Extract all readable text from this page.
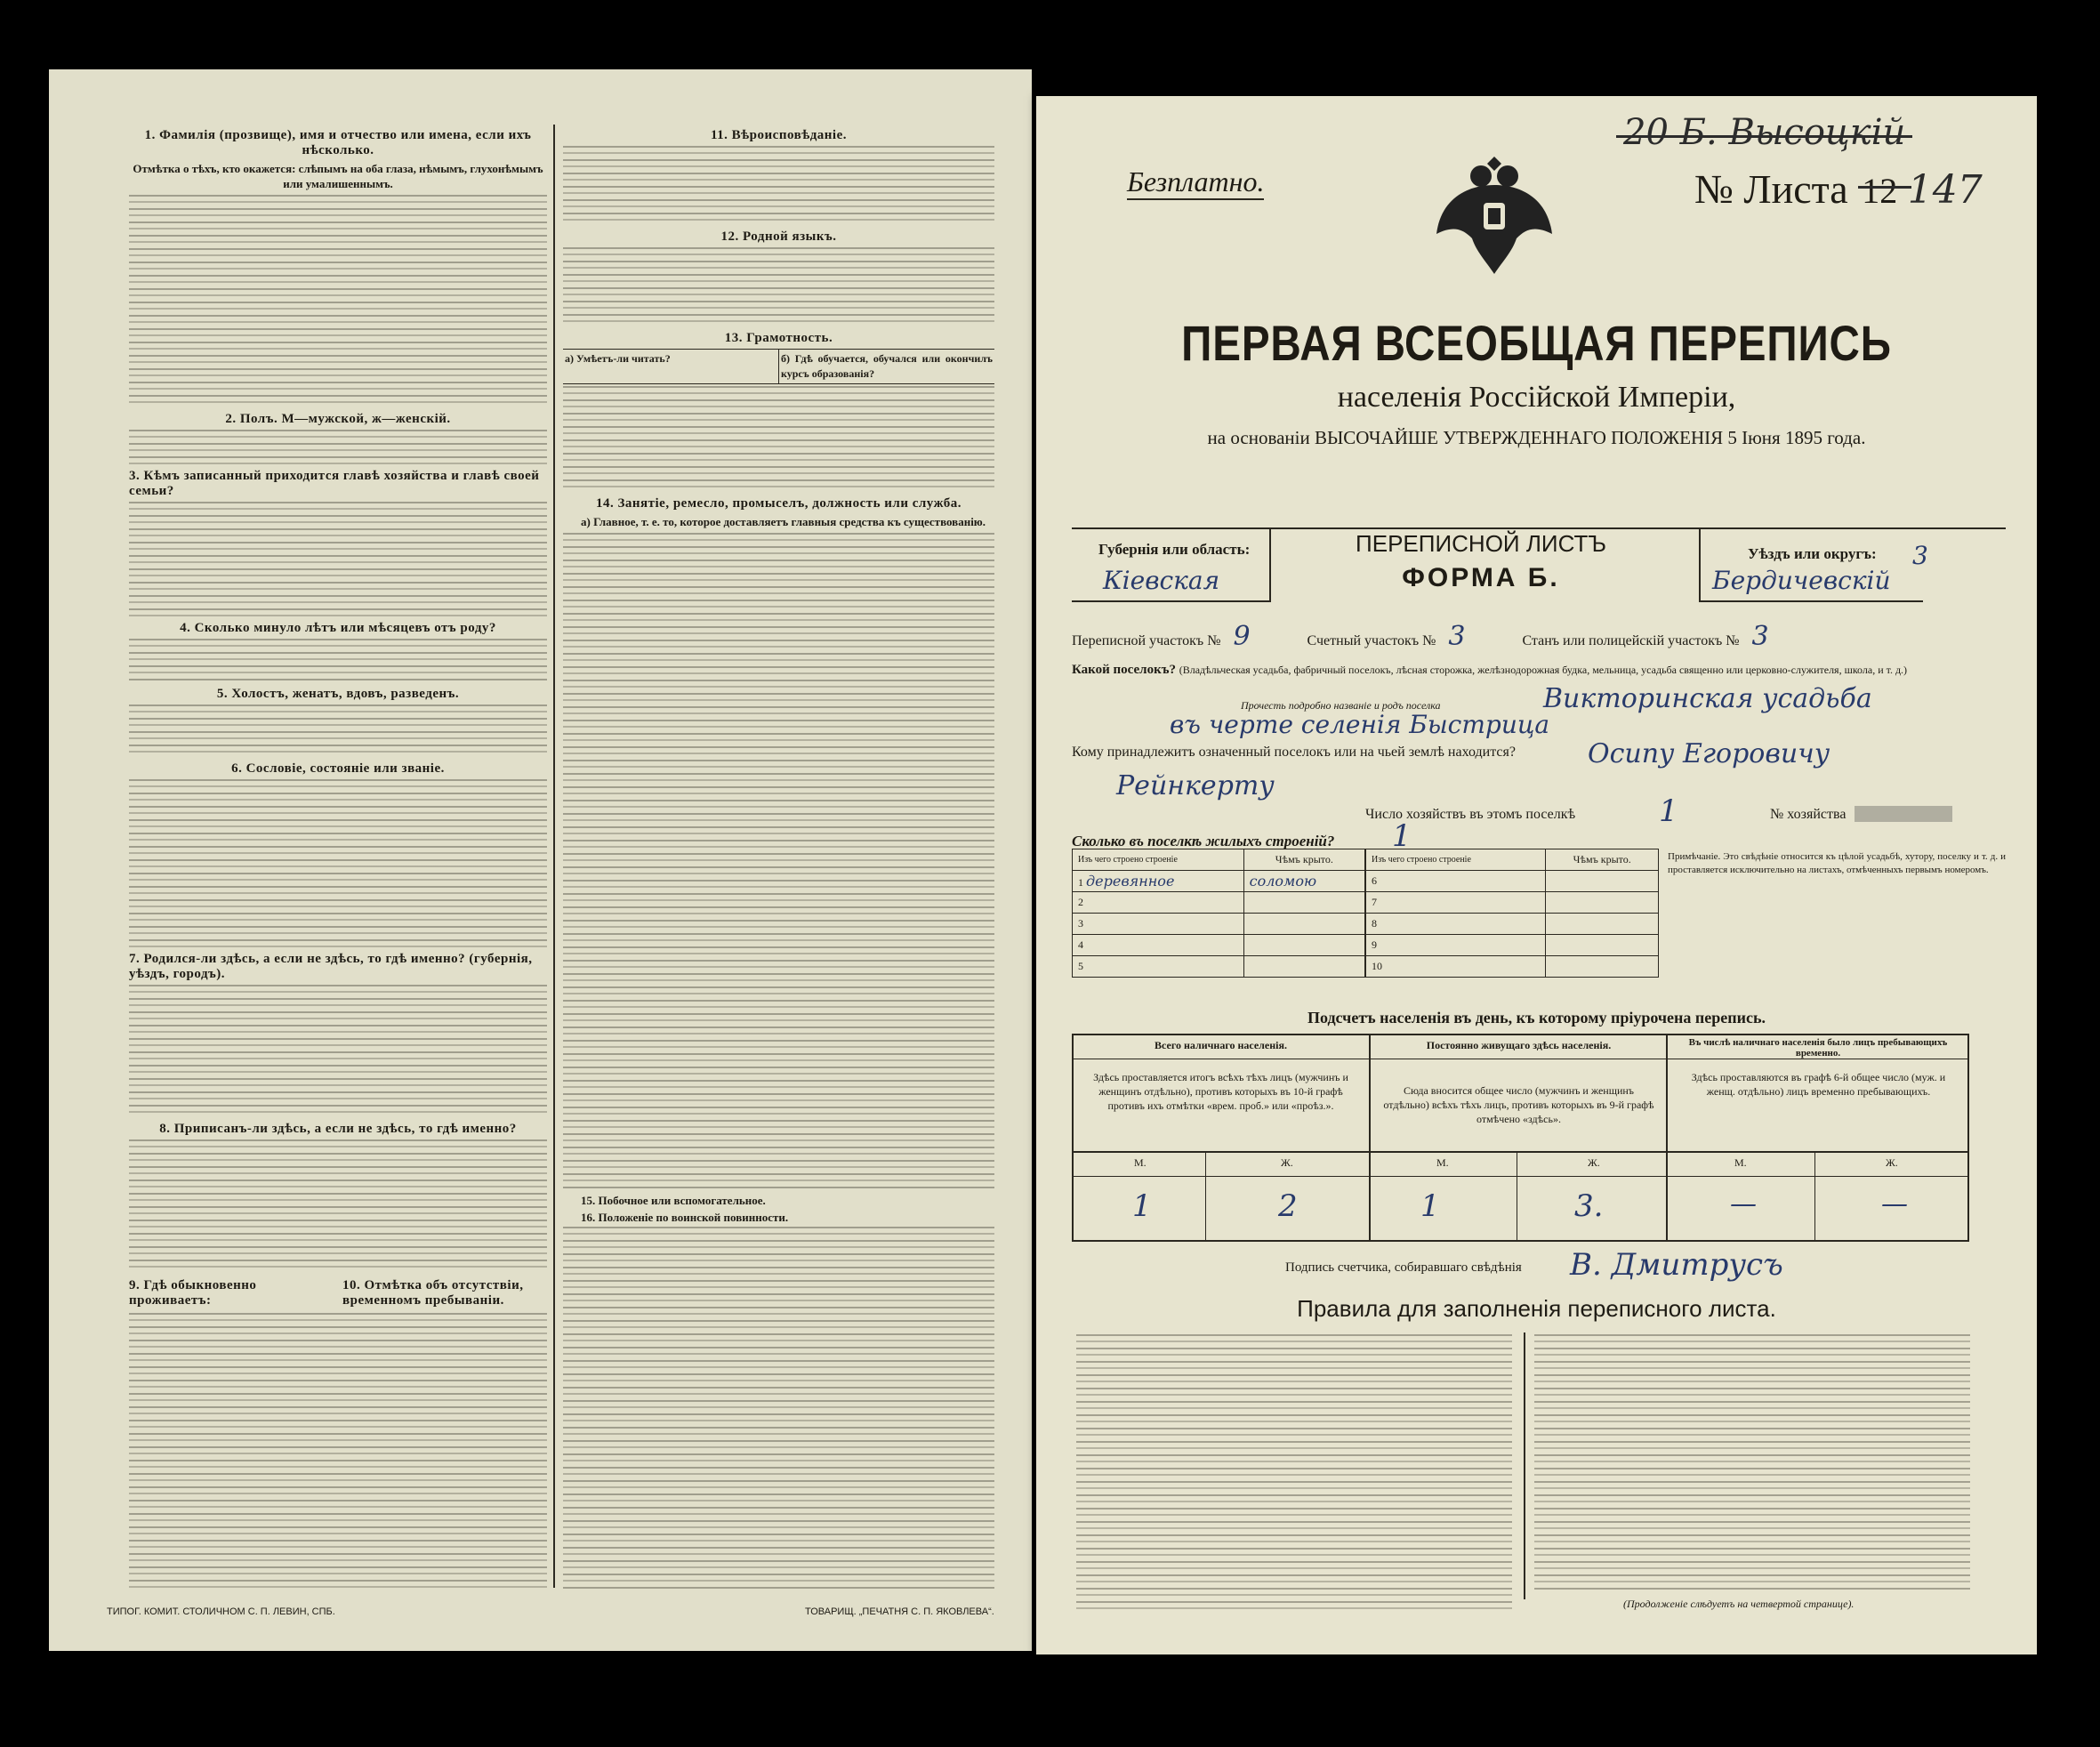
1. Фамилія (прозвище), имя и отчество или имена, если ихъ нѣсколько.

Отмѣтка о тѣхъ, кто окажется: слѣпымъ на оба глаза, нѣмымъ, глухонѣмымъ или умалишеннымъ.

2. Полъ. М—мужской, ж—женскій.
3. Кѣмъ записанный приходится главѣ хозяйства и главѣ своей семьи?
4. Сколько минуло лѣтъ или мѣсяцевъ отъ роду?
5. Холостъ, женатъ, вдовъ, разведенъ.
6. Сословіе, состояніе или званіе.
7. Родился-ли здѣсь, а если не здѣсь, то гдѣ именно? (губернія, уѣздъ, городъ).
8. Приписанъ-ли здѣсь, а если не здѣсь, то гдѣ именно?
9. Гдѣ обыкновенно проживаетъ:
10. Отмѣтка объ отсутствіи, временномъ пребываніи.
11. Вѣроисповѣданіе.
12. Родной языкъ.
13. Грамотность.
а) Умѣетъ-ли читать?	б) Гдѣ обучается, обучался или окончилъ курсъ образованія?
14. Занятіе, ремесло, промыселъ, должность или служба.

а) Главное, т. е. то, которое доставляетъ главныя средства къ существованію.

15. Побочное или вспомогательное.

16. Положеніе по воинской повинности.

ТИПОГ. КОМИТ. СТОЛИЧНОМ С. П. ЛЕВИН, СПБ.	ТОВАРИЩ. „ПЕЧАТНЯ С. П. ЯКОВЛЕВА“.
20 Б. Высоцкій
Безплатно.	№ Листа 12 147
ПЕРВАЯ ВСЕОБЩАЯ ПЕРЕПИСЬ
населенія Россійской Имперіи,
на основаніи ВЫСОЧАЙШЕ УТВЕРЖДЕННАГО ПОЛОЖЕНІЯ 5 Іюня 1895 года.
Губернія или область:
Кіевская
ПЕРЕПИСНОЙ ЛИСТЪ
ФОРМА Б.
Уѣздъ или округъ:
Бердичевскій
3
Переписной участокъ № 9	Счетный участокъ № 3	Станъ или полицейскій участокъ № 3
Какой поселокъ? (Владѣльческая усадьба, фабричный поселокъ, лѣсная сторожка, желѣзнодорожная будка, мельница, усадьба священно или церковно-служителя, школа, и т. д.)
Прочесть подробно названіе и родъ поселка	Викторинская усадьба
въ черте селенія Быстрица
Кому принадлежитъ означенный поселокъ или на чьей землѣ находится?	Осипу Егоровичу
Рейнкерту
Число хозяйствъ въ этомъ поселкѣ	1	№ хозяйства
Сколько въ поселкѣ жилыхъ строеній? 1
Изъ чего строено строеніе	Чѣмъ крыто.
1 деревянное	соломою
2	
3	
4	
5	
Изъ чего строено строеніе	Чѣмъ крыто.
6	
7	
8	
9	
10	
Примѣчаніе. Это свѣдѣніе относится къ цѣлой усадьбѣ, хутору, поселку и т. д. и проставляется исключительно на листахъ, отмѣченныхъ первымъ номеромъ.
Подсчетъ населенія въ день, къ которому пріурочена перепись.
Всего наличнаго населенія.	Постоянно живущаго здѣсь населенія.	Въ числѣ наличнаго населенія было лицъ пребывающихъ временно.
Здѣсь проставляется итогъ всѣхъ тѣхъ лицъ (мужчинъ и женщинъ отдѣльно), противъ которыхъ въ 10-й графѣ противъ ихъ отмѣтки «врем. проб.» или «проѣз.».
Сюда вносится общее число (мужчинъ и женщинъ отдѣльно) всѣхъ тѣхъ лицъ, противъ которыхъ въ 9-й графѣ отмѣчено «здѣсь».
Здѣсь проставляются въ графѣ 6-й общее число (муж. и женщ. отдѣльно) лицъ временно пребывающихъ.
М.	Ж.	М.	Ж.	М.	Ж.
1	2	1	3.	—	—
Подпись счетчика, собиравшаго свѣдѣнія В. Дмитрусъ
Правила для заполненія переписного листа.
(Продолженіе слѣдуетъ на четвертой странице).
